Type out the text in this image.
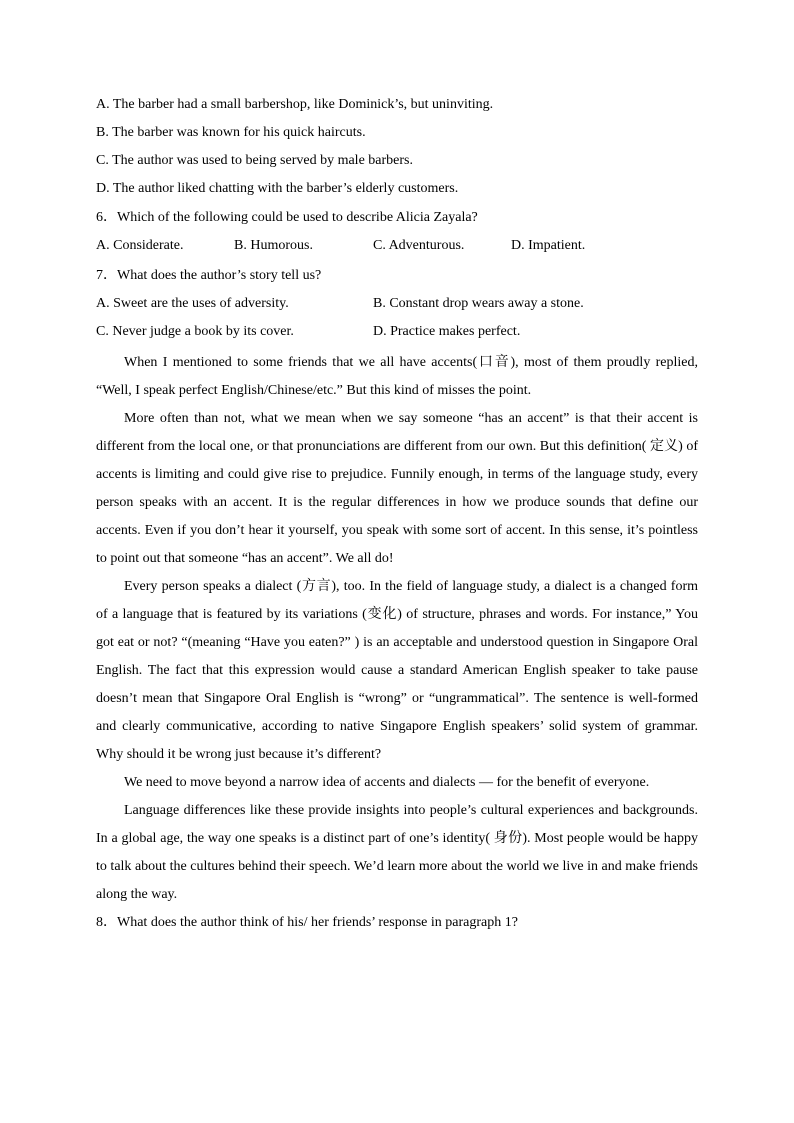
A. The barber had a small barbershop, like Dominick’s, but uninviting.
B. The barber was known for his quick haircuts.
C. The author was used to being served by male barbers.
D. The author liked chatting with the barber’s elderly customers.
6．Which of the following could be used to describe Alicia Zayala?
A. Considerate.	B. Humorous.	C. Adventurous.	D. Impatient.
7．What does the author’s story tell us?
A. Sweet are the uses of adversity.	B. Constant drop wears away a stone.
C. Never judge a book by its cover.	D. Practice makes perfect.

When I mentioned to some friends that we all have accents(口音), most of them proudly replied, “Well, I speak perfect English/Chinese/etc.” But this kind of misses the point.

More often than not, what we mean when we say someone “has an accent” is that their accent is different from the local one, or that pronunciations are different from our own. But this definition( 定义) of accents is limiting and could give rise to prejudice. Funnily enough, in terms of the language study, every person speaks with an accent. It is the regular differences in how we produce sounds that define our accents. Even if you don’t hear it yourself, you speak with some sort of accent. In this sense, it’s pointless to point out that someone “has an accent”. We all do!

Every person speaks a dialect (方言), too. In the field of language study, a dialect is a changed form of a language that is featured by its variations (变化) of structure, phrases and words. For instance,” You got eat or not? “(meaning “Have you eaten?” ) is an acceptable and understood question in Singapore Oral English. The fact that this expression would cause a standard American English speaker to take pause doesn’t mean that Singapore Oral English is “wrong” or “ungrammatical”. The sentence is well-formed and clearly communicative, according to native Singapore English speakers’ solid system of grammar. Why should it be wrong just because it’s different?

We need to move beyond a narrow idea of accents and dialects — for the benefit of everyone.

Language differences like these provide insights into people’s cultural experiences and backgrounds. In a global age, the way one speaks is a distinct part of one’s identity( 身份). Most people would be happy to talk about the cultures behind their speech. We’d learn more about the world we live in and make friends along the way.

8．What does the author think of his/ her friends’ response in paragraph 1?
